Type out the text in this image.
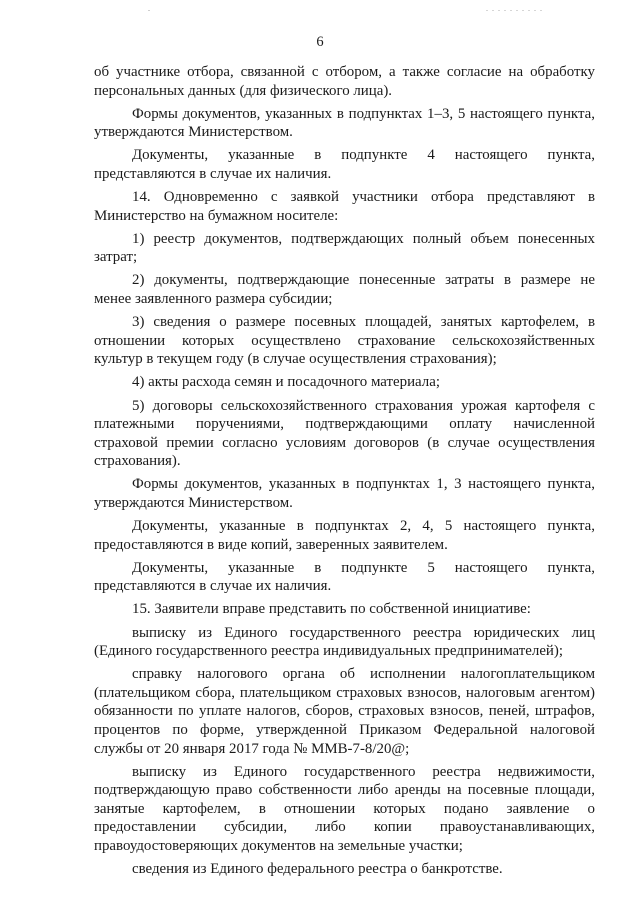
6
об участнике отбора, связанной с отбором, а также согласие на обработку
персональных данных (для физического лица).
Формы документов, указанных в подпунктах 1–3, 5 настоящего пункта,
утверждаются Министерством.
Документы, указанные в подпункте 4 настоящего пункта,
представляются в случае их наличия.
14. Одновременно с заявкой участники отбора представляют в
Министерство на бумажном носителе:
1) реестр документов, подтверждающих полный объем понесенных
затрат;
2) документы, подтверждающие понесенные затраты в размере не
менее заявленного размера субсидии;
3) сведения о размере посевных площадей, занятых картофелем, в
отношении которых осуществлено страхование сельскохозяйственных
культур в текущем году (в случае осуществления страхования);
4) акты расхода семян и посадочного материала;
5) договоры сельскохозяйственного страхования урожая картофеля с
платежными поручениями, подтверждающими оплату начисленной
страховой премии согласно условиям договоров (в случае осуществления
страхования).
Формы документов, указанных в подпунктах 1, 3 настоящего пункта,
утверждаются Министерством.
Документы, указанные в подпунктах 2, 4, 5 настоящего пункта,
предоставляются в виде копий, заверенных заявителем.
Документы, указанные в подпункте 5 настоящего пункта,
представляются в случае их наличия.
15. Заявители вправе представить по собственной инициативе:
выписку из Единого государственного реестра юридических лиц
(Единого государственного реестра индивидуальных предпринимателей);
справку налогового органа об исполнении налогоплательщиком
(плательщиком сбора, плательщиком страховых взносов, налоговым агентом)
обязанности по уплате налогов, сборов, страховых взносов, пеней, штрафов,
процентов по форме, утвержденной Приказом Федеральной налоговой
службы от 20 января 2017 года № ММВ-7-8/20@;
выписку из Единого государственного реестра недвижимости,
подтверждающую право собственности либо аренды на посевные площади,
занятые картофелем, в отношении которых подано заявление о
предоставлении субсидии, либо копии правоустанавливающих,
правоудостоверяющих документов на земельные участки;
сведения из Единого федерального реестра о банкротстве.
